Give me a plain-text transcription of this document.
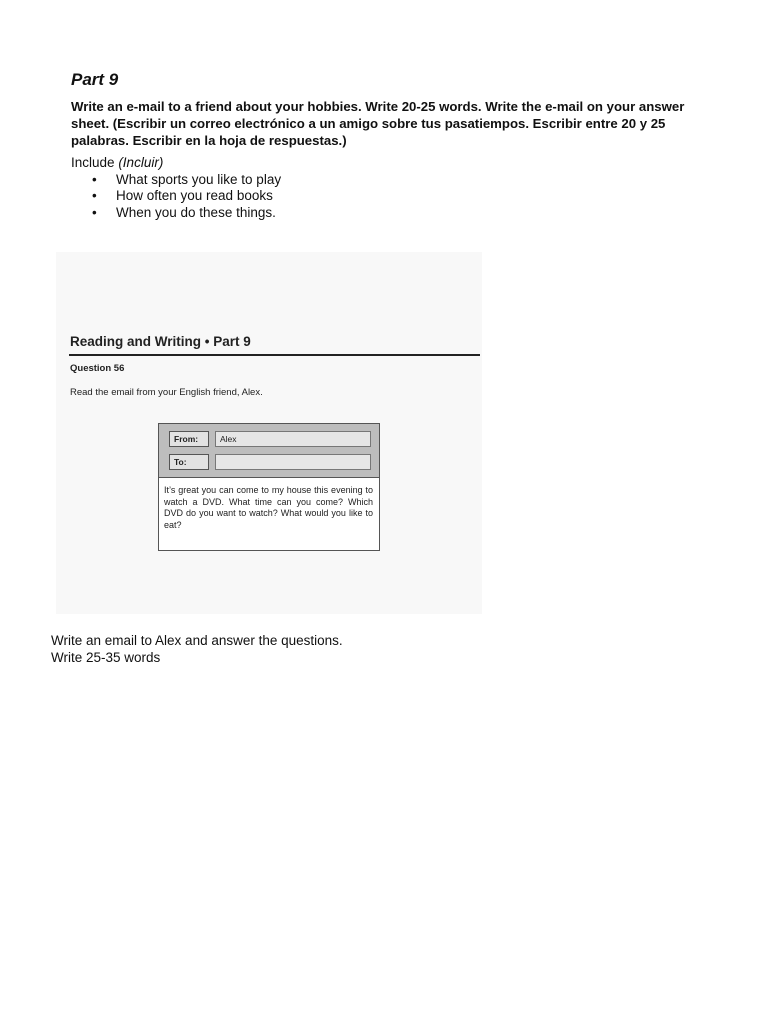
Part 9

Write an e-mail to a friend about your hobbies. Write 20-25 words. Write the e-mail on your answer sheet. (Escribir un correo electrónico a un amigo sobre tus pasatiempos. Escribir entre 20 y 25 palabras. Escribir en la hoja de respuestas.)

Include (Incluir)

• What sports you like to play
• How often you read books
• When you do these things.

Reading and Writing • Part 9

Question 56

Read the email from your English friend, Alex.

From:	Alex
To:
It’s great you can come to my house this evening to watch a DVD. What time can you come? Which DVD do you want to watch? What would you like to eat?

Write an email to Alex and answer the questions.

Write 25-35 words
